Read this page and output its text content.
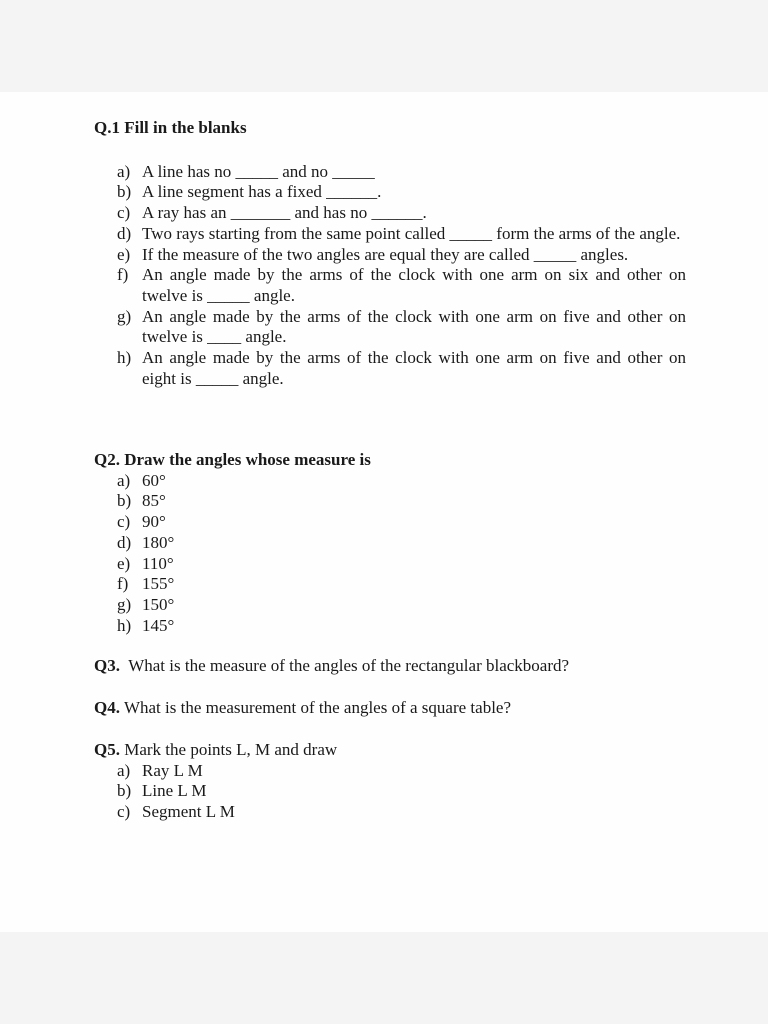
Q.1 Fill in the blanks
a) A line has no _____ and no _____
b) A line segment has a fixed ______.
c) A ray has an _______ and has no ______.
d) Two rays starting from the same point called _____ form the arms of the angle.
e) If the measure of the two angles are equal they are called _____ angles.
f) An angle made by the arms of the clock with one arm on six and other on twelve is _____ angle.
g) An angle made by the arms of the clock with one arm on five and other on twelve is ____ angle.
h) An angle made by the arms of the clock with one arm on five and other on eight is _____ angle.
Q2. Draw the angles whose measure is
a) 60°
b) 85°
c) 90°
d) 180°
e) 110°
f) 155°
g) 150°
h) 145°
Q3. What is the measure of the angles of the rectangular blackboard?
Q4. What is the measurement of the angles of a square table?
Q5. Mark the points L, M and draw
a) Ray L M
b) Line L M
c) Segment L M
